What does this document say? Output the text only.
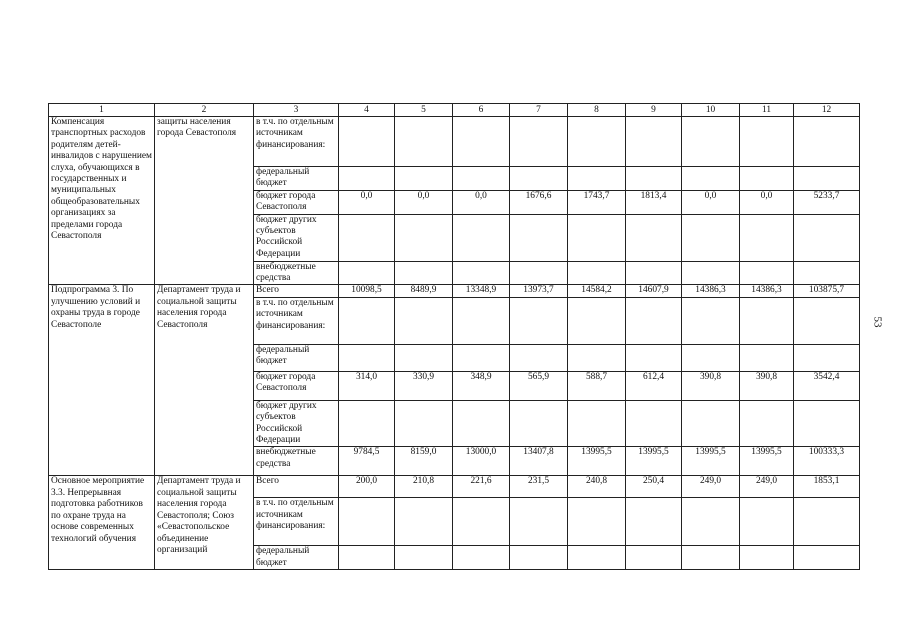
53
1	2	3	4	5	6	7	8	9	10	11	12
Компенсация транспортных расходов родителям детей-инвалидов с нарушением слуха, обучающихся в государственных и муниципальных общеобразовательных организациях за пределами города Севастополя	защиты населения города Севастополя	в т.ч. по отдельным источникам финансирования:									
		федеральный бюджет									
		бюджет города Севастополя	0,0	0,0	0,0	1676,6	1743,7	1813,4	0,0	0,0	5233,7
		бюджет других субъектов Российской Федерации									
		внебюджетные средства									
Подпрограмма 3. По улучшению условий и охраны труда в городе Севастополе	Департамент труда и социальной защиты населения города Севастополя	Всего	10098,5	8489,9	13348,9	13973,7	14584,2	14607,9	14386,3	14386,3	103875,7
		в т.ч. по отдельным источникам финансирования:									
		федеральный бюджет									
		бюджет города Севастополя	314,0	330,9	348,9	565,9	588,7	612,4	390,8	390,8	3542,4
		бюджет других субъектов Российской Федерации									
		внебюджетные средства	9784,5	8159,0	13000,0	13407,8	13995,5	13995,5	13995,5	13995,5	100333,3
Основное мероприятие 3.3. Непрерывная подготовка работников по охране труда на основе современных технологий обучения	Департамент труда и социальной защиты населения города Севастополя; Союз «Севастопольское объединение организаций	Всего	200,0	210,8	221,6	231,5	240,8	250,4	249,0	249,0	1853,1
		в т.ч. по отдельным источникам финансирования:									
		федеральный бюджет									
